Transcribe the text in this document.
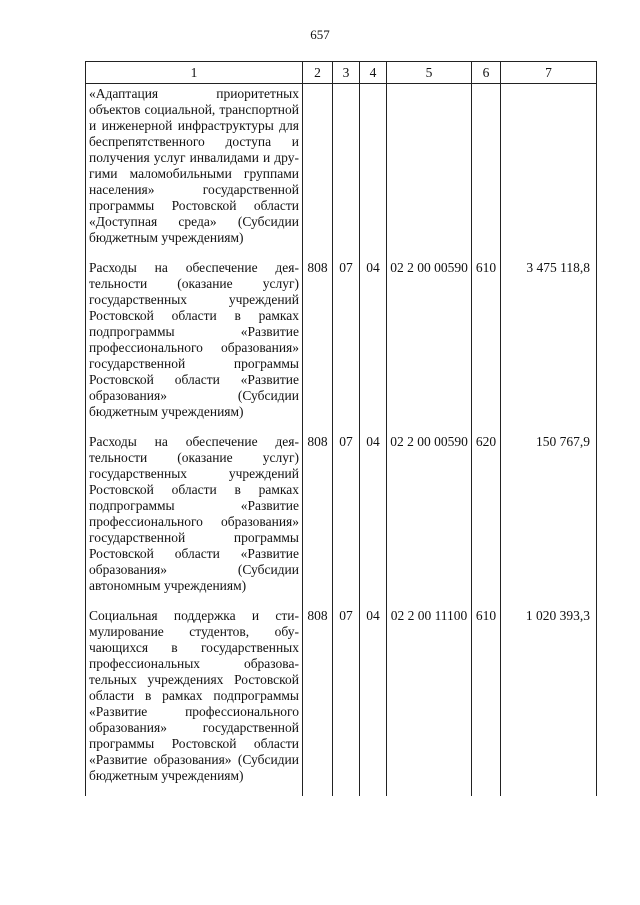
657
1	2	3	4	5	6	7
«Адаптация приоритетных объектов социальной, транспортной и инженерной инфраструктуры для беспрепятственного доступа и получения услуг инвалидами и другими маломобильными группами населения» государственной программы Ростовской области «Доступная среда» (Субсидии бюджетным учреждениям)						
Расходы на обеспечение деятельности (оказание услуг) государственных учреждений Ростовской области в рамках подпрограммы «Развитие профессионального образования» государственной программы Ростовской области «Развитие образования» (Субсидии бюджетным учреждениям)	808	07	04	02 2 00 00590	610	3 475 118,8
Расходы на обеспечение деятельности (оказание услуг) государственных учреждений Ростовской области в рамках подпрограммы «Развитие профессионального образования» государственной программы Ростовской области «Развитие образования» (Субсидии автономным учреждениям)	808	07	04	02 2 00 00590	620	150 767,9
Социальная поддержка и стимулирование студентов, обучающихся в государственных профессиональных образовательных учреждениях Ростовской области в рамках подпрограммы «Развитие профессионального образования» государственной программы Ростовской области «Развитие образования» (Субсидии бюджетным учреждениям)	808	07	04	02 2 00 11100	610	1 020 393,3
